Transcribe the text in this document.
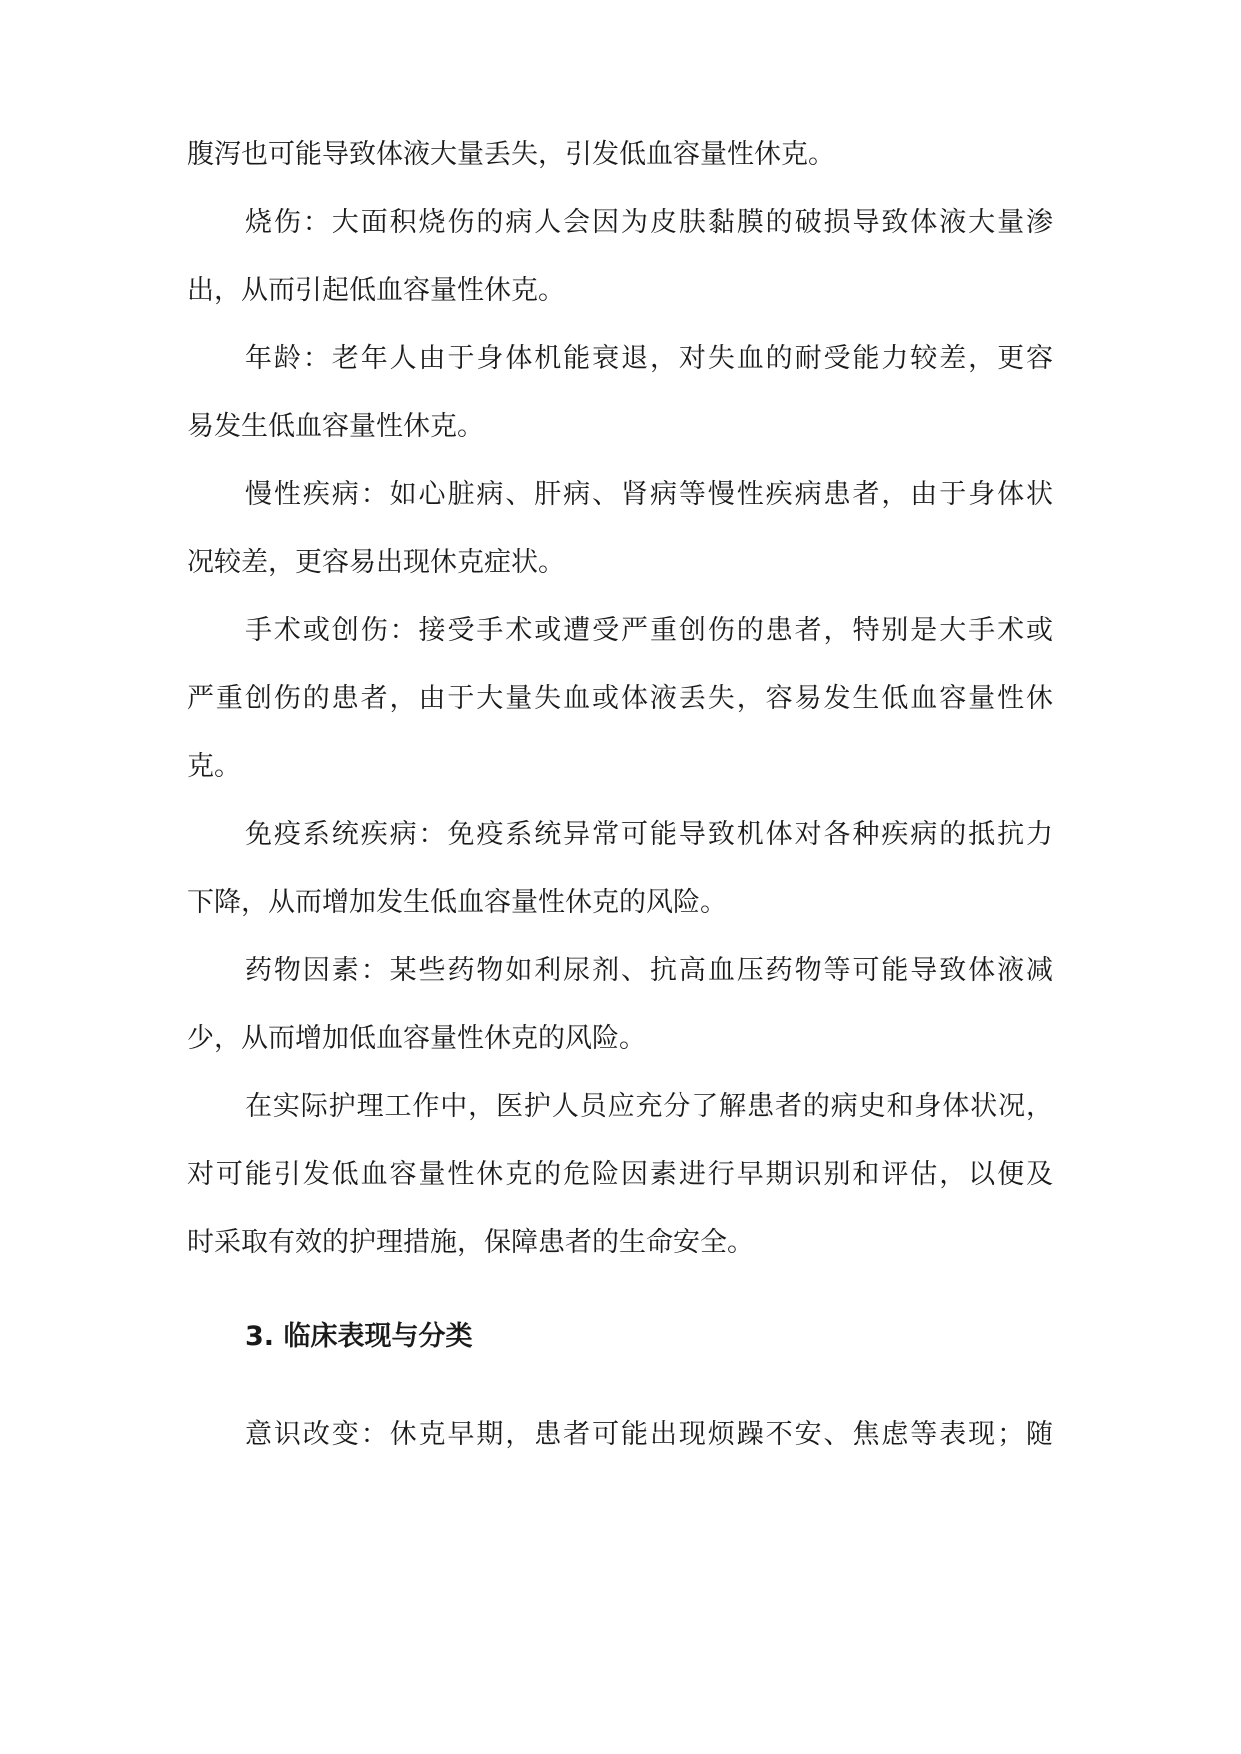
腹泻也可能导致体液大量丢失，引发低血容量性休克。
烧伤：大面积烧伤的病人会因为皮肤黏膜的破损导致体液大量渗
出，从而引起低血容量性休克。
年龄：老年人由于身体机能衰退，对失血的耐受能力较差，更容
易发生低血容量性休克。
慢性疾病：如心脏病、肝病、肾病等慢性疾病患者，由于身体状
况较差，更容易出现休克症状。
手术或创伤：接受手术或遭受严重创伤的患者，特别是大手术或
严重创伤的患者，由于大量失血或体液丢失，容易发生低血容量性休
克。
免疫系统疾病：免疫系统异常可能导致机体对各种疾病的抵抗力
下降，从而增加发生低血容量性休克的风险。
药物因素：某些药物如利尿剂、抗高血压药物等可能导致体液减
少，从而增加低血容量性休克的风险。
在实际护理工作中，医护人员应充分了解患者的病史和身体状况，
对可能引发低血容量性休克的危险因素进行早期识别和评估，以便及
时采取有效的护理措施，保障患者的生命安全。
意识改变：休克早期，患者可能出现烦躁不安、焦虑等表现；随
3. 临床表现与分类
